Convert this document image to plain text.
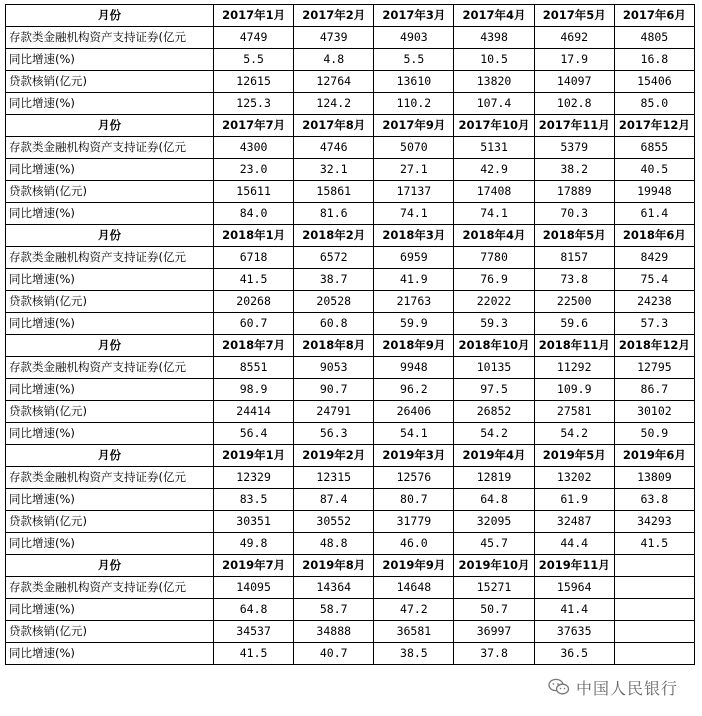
月份	2017年1月	2017年2月	2017年3月	2017年4月	2017年5月	2017年6月
存款类金融机构资产支持证券(亿元	4749	4739	4903	4398	4692	4805
同比增速(%)	5.5	4.8	5.5	10.5	17.9	16.8
贷款核销(亿元)	12615	12764	13610	13820	14097	15406
同比增速(%)	125.3	124.2	110.2	107.4	102.8	85.0
月份	2017年7月	2017年8月	2017年9月	2017年10月	2017年11月	2017年12月
存款类金融机构资产支持证券(亿元	4300	4746	5070	5131	5379	6855
同比增速(%)	23.0	32.1	27.1	42.9	38.2	40.5
贷款核销(亿元)	15611	15861	17137	17408	17889	19948
同比增速(%)	84.0	81.6	74.1	74.1	70.3	61.4
月份	2018年1月	2018年2月	2018年3月	2018年4月	2018年5月	2018年6月
存款类金融机构资产支持证券(亿元	6718	6572	6959	7780	8157	8429
同比增速(%)	41.5	38.7	41.9	76.9	73.8	75.4
贷款核销(亿元)	20268	20528	21763	22022	22500	24238
同比增速(%)	60.7	60.8	59.9	59.3	59.6	57.3
月份	2018年7月	2018年8月	2018年9月	2018年10月	2018年11月	2018年12月
存款类金融机构资产支持证券(亿元	8551	9053	9948	10135	11292	12795
同比增速(%)	98.9	90.7	96.2	97.5	109.9	86.7
贷款核销(亿元)	24414	24791	26406	26852	27581	30102
同比增速(%)	56.4	56.3	54.1	54.2	54.2	50.9
月份	2019年1月	2019年2月	2019年3月	2019年4月	2019年5月	2019年6月
存款类金融机构资产支持证券(亿元	12329	12315	12576	12819	13202	13809
同比增速(%)	83.5	87.4	80.7	64.8	61.9	63.8
贷款核销(亿元)	30351	30552	31779	32095	32487	34293
同比增速(%)	49.8	48.8	46.0	45.7	44.4	41.5
月份	2019年7月	2019年8月	2019年9月	2019年10月	2019年11月	
存款类金融机构资产支持证券(亿元	14095	14364	14648	15271	15964	
同比增速(%)	64.8	58.7	47.2	50.7	41.4	
贷款核销(亿元)	34537	34888	36581	36997	37635	
同比增速(%)	41.5	40.7	38.5	37.8	36.5	
中国人民银行
